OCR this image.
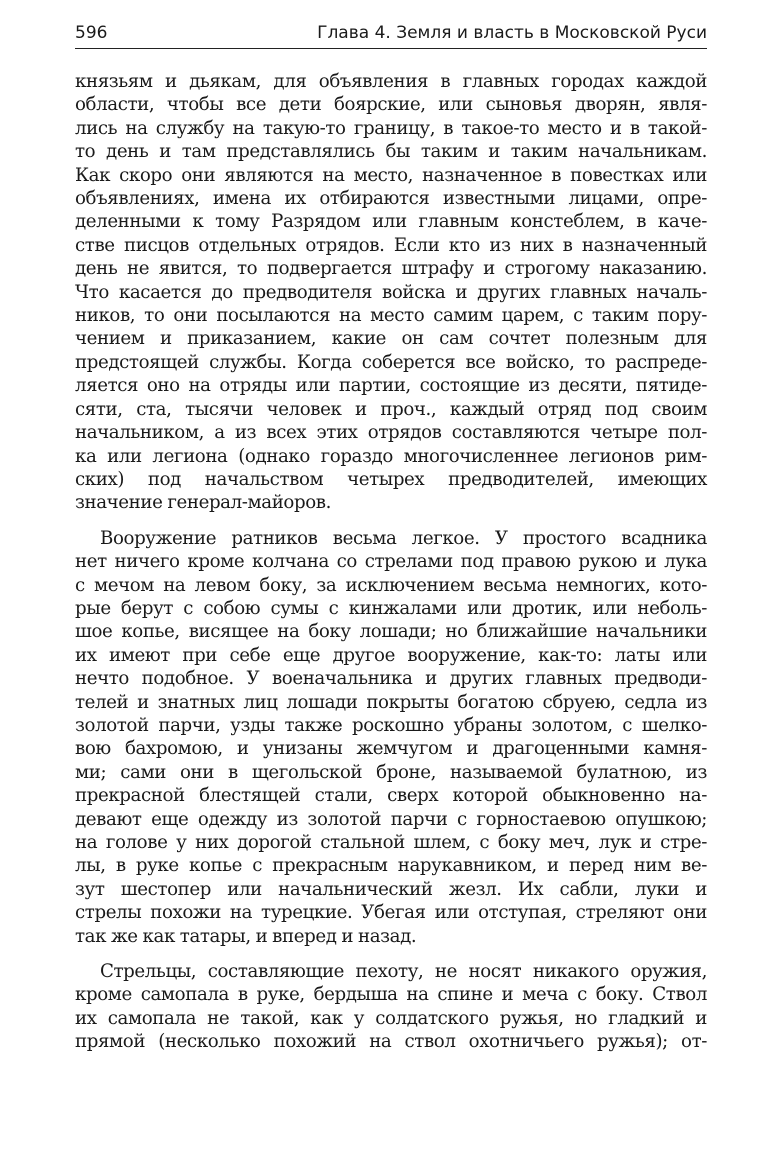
596	Глава 4. Земля и власть в Московской Руси
князьям и дьякам, для объявления в главных городах каждой
области, чтобы все дети боярские, или сыновья дворян, явля-
лись на службу на такую-то границу, в такое-то место и в такой-
то день и там представлялись бы таким и таким начальникам.
Как скоро они являются на место, назначенное в повестках или
объявлениях, имена их отбираются известными лицами, опре-
деленными к тому Разрядом или главным констеблем, в каче-
стве писцов отдельных отрядов. Если кто из них в назначенный
день не явится, то подвергается штрафу и строгому наказанию.
Что касается до предводителя войска и других главных началь-
ников, то они посылаются на место самим царем, с таким пору-
чением и приказанием, какие он сам сочтет полезным для
предстоящей службы. Когда соберется все войско, то распреде-
ляется оно на отряды или партии, состоящие из десяти, пятиде-
сяти, ста, тысячи человек и проч., каждый отряд под своим
начальником, а из всех этих отрядов составляются четыре пол-
ка или легиона (однако гораздо многочисленнее легионов рим-
ских) под начальством четырех предводителей, имеющих
значение генерал-майоров.
Вооружение ратников весьма легкое. У простого всадника
нет ничего кроме колчана со стрелами под правою рукою и лука
с мечом на левом боку, за исключением весьма немногих, кото-
рые берут с собою сумы с кинжалами или дротик, или неболь-
шое копье, висящее на боку лошади; но ближайшие начальники
их имеют при себе еще другое вооружение, как-то: латы или
нечто подобное. У военачальника и других главных предводи-
телей и знатных лиц лошади покрыты богатою сбруею, седла из
золотой парчи, узды также роскошно убраны золотом, с шелко-
вою бахромою, и унизаны жемчугом и драгоценными камня-
ми; сами они в щегольской броне, называемой булатною, из
прекрасной блестящей стали, сверх которой обыкновенно на-
девают еще одежду из золотой парчи с горностаевою опушкою;
на голове у них дорогой стальной шлем, с боку меч, лук и стре-
лы, в руке копье с прекрасным нарукавником, и перед ним ве-
зут шестопер или начальнический жезл. Их сабли, луки и
стрелы похожи на турецкие. Убегая или отступая, стреляют они
так же как татары, и вперед и назад.
Стрельцы, составляющие пехоту, не носят никакого оружия,
кроме самопала в руке, бердыша на спине и меча с боку. Ствол
их самопала не такой, как у солдатского ружья, но гладкий и
прямой (несколько похожий на ствол охотничьего ружья); от-
